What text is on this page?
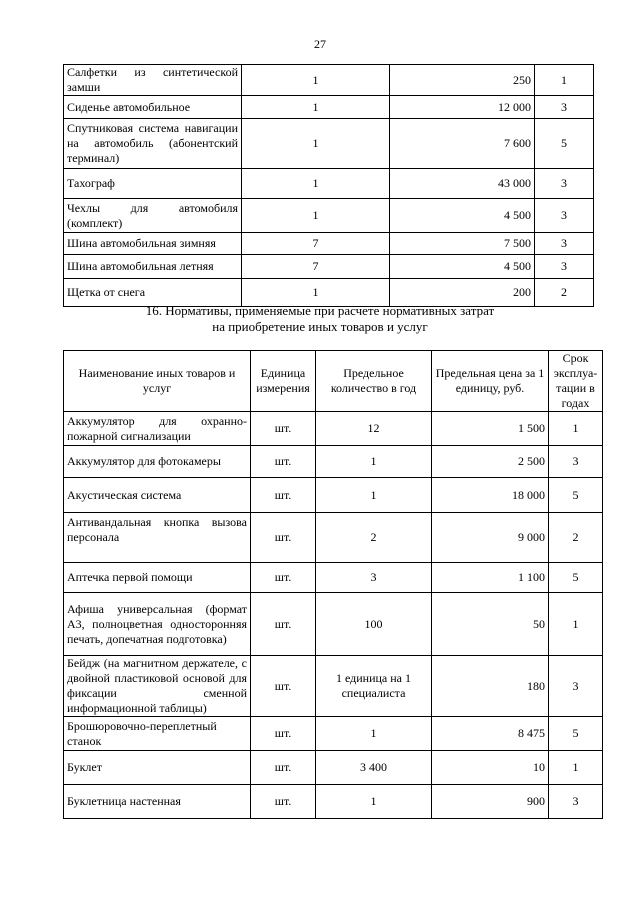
27
Салфетки из синтетической замши	1	250	1
Сиденье автомобильное	1	12 000	3
Спутниковая система навигации на автомобиль (абонентский терминал)	1	7 600	5
Тахограф	1	43 000	3
Чехлы для автомобиля (комплект)	1	4 500	3
Шина автомобильная зимняя	7	7 500	3
Шина автомобильная летняя	7	4 500	3
Щетка от снега	1	200	2
16. Нормативы, применяемые при расчете нормативных затрат
на приобретение иных товаров и услуг
Наименование иных товаров и услуг	Единица измерения	Предельное количество в год	Предельная цена за 1 единицу, руб.	Срок эксплуа-тации в годах
Аккумулятор для охранно-пожарной сигнализации	шт.	12	1 500	1
Аккумулятор для фотокамеры	шт.	1	2 500	3
Акустическая система	шт.	1	18 000	5
Антивандальная кнопка вызова персонала	шт.	2	9 000	2
Аптечка первой помощи	шт.	3	1 100	5
Афиша универсальная (формат А3, полноцветная односторонняя печать, допечатная подготовка)	шт.	100	50	1
Бейдж (на магнитном держателе, с двойной пластиковой основой для фиксации сменной информационной таблицы)	шт.	1 единица на 1 специалиста	180	3
Брошюровочно-переплетный станок	шт.	1	8 475	5
Буклет	шт.	3 400	10	1
Буклетница настенная	шт.	1	900	3
